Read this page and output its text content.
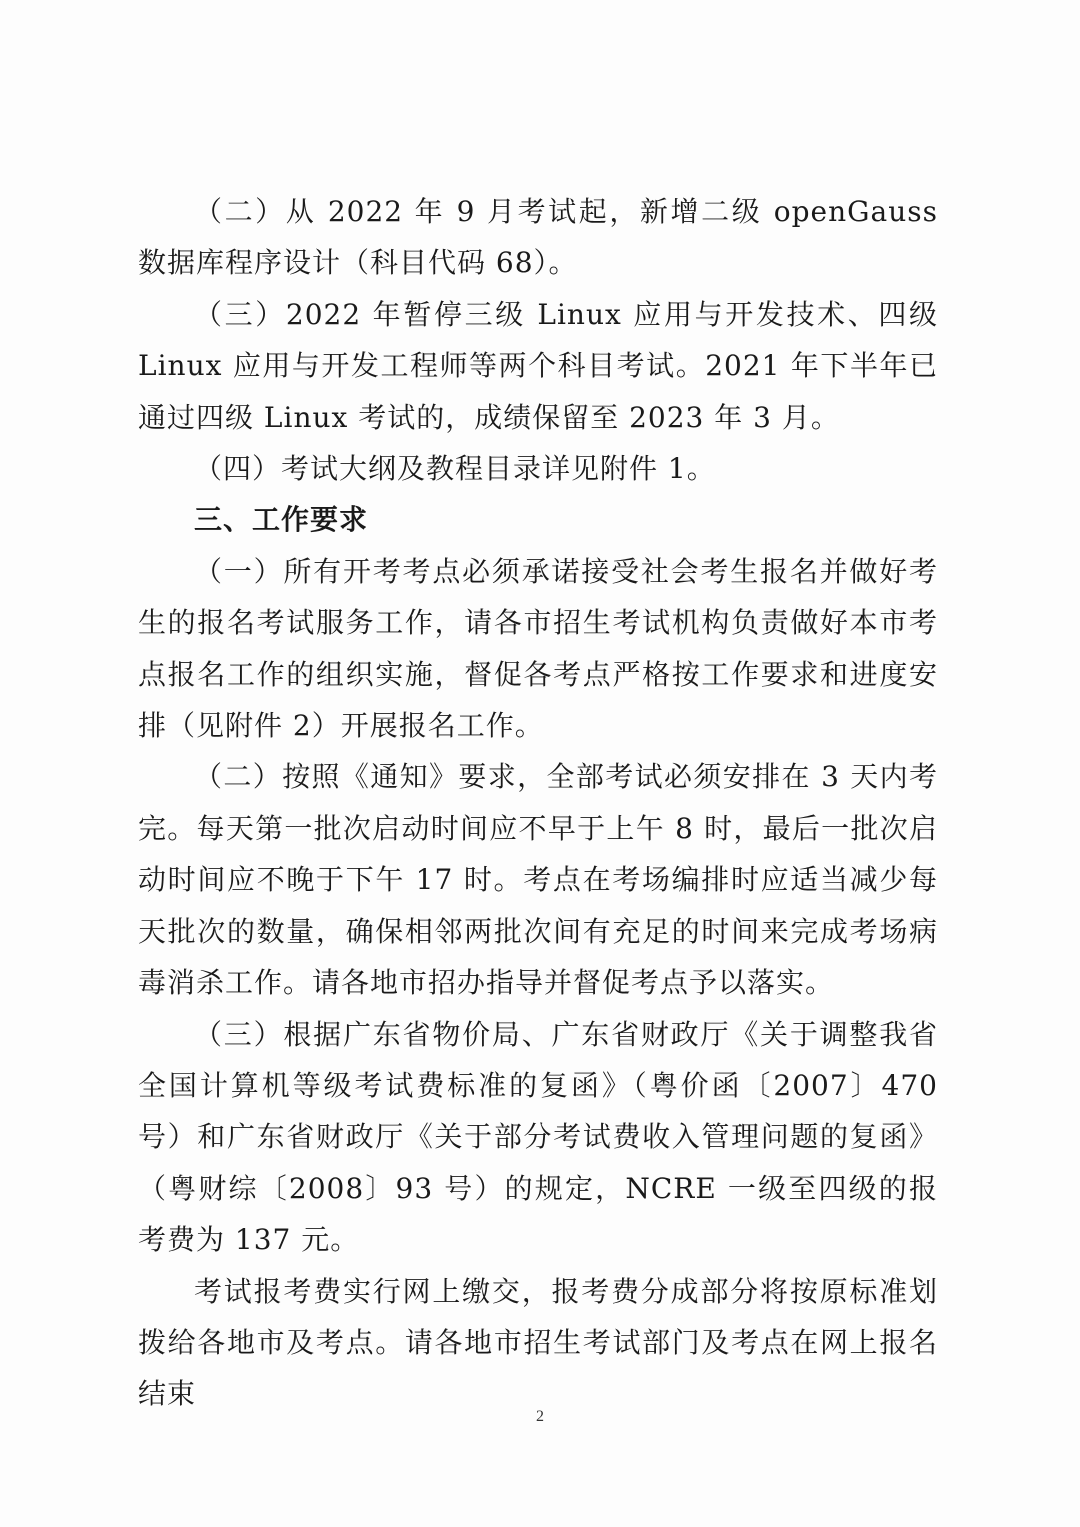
（二）从 2022 年 9 月考试起，新增二级 openGauss 数据库程序设计（科目代码 68）。

（三）2022 年暂停三级 Linux 应用与开发技术、四级 Linux 应用与开发工程师等两个科目考试。2021 年下半年已通过四级 Linux 考试的，成绩保留至 2023 年 3 月。

（四）考试大纲及教程目录详见附件 1。

三、工作要求

（一）所有开考考点必须承诺接受社会考生报名并做好考生的报名考试服务工作，请各市招生考试机构负责做好本市考点报名工作的组织实施，督促各考点严格按工作要求和进度安排（见附件 2）开展报名工作。

（二）按照《通知》要求，全部考试必须安排在 3 天内考完。每天第一批次启动时间应不早于上午 8 时，最后一批次启动时间应不晚于下午 17 时。考点在考场编排时应适当减少每天批次的数量，确保相邻两批次间有充足的时间来完成考场病毒消杀工作。请各地市招办指导并督促考点予以落实。

（三）根据广东省物价局、广东省财政厅《关于调整我省全国计算机等级考试费标准的复函》（粤价函〔2007〕470 号）和广东省财政厅《关于部分考试费收入管理问题的复函》（粤财综〔2008〕93 号）的规定，NCRE 一级至四级的报考费为 137 元。

考试报考费实行网上缴交，报考费分成部分将按原标准划拨给各地市及考点。请各地市招生考试部门及考点在网上报名结束

2
